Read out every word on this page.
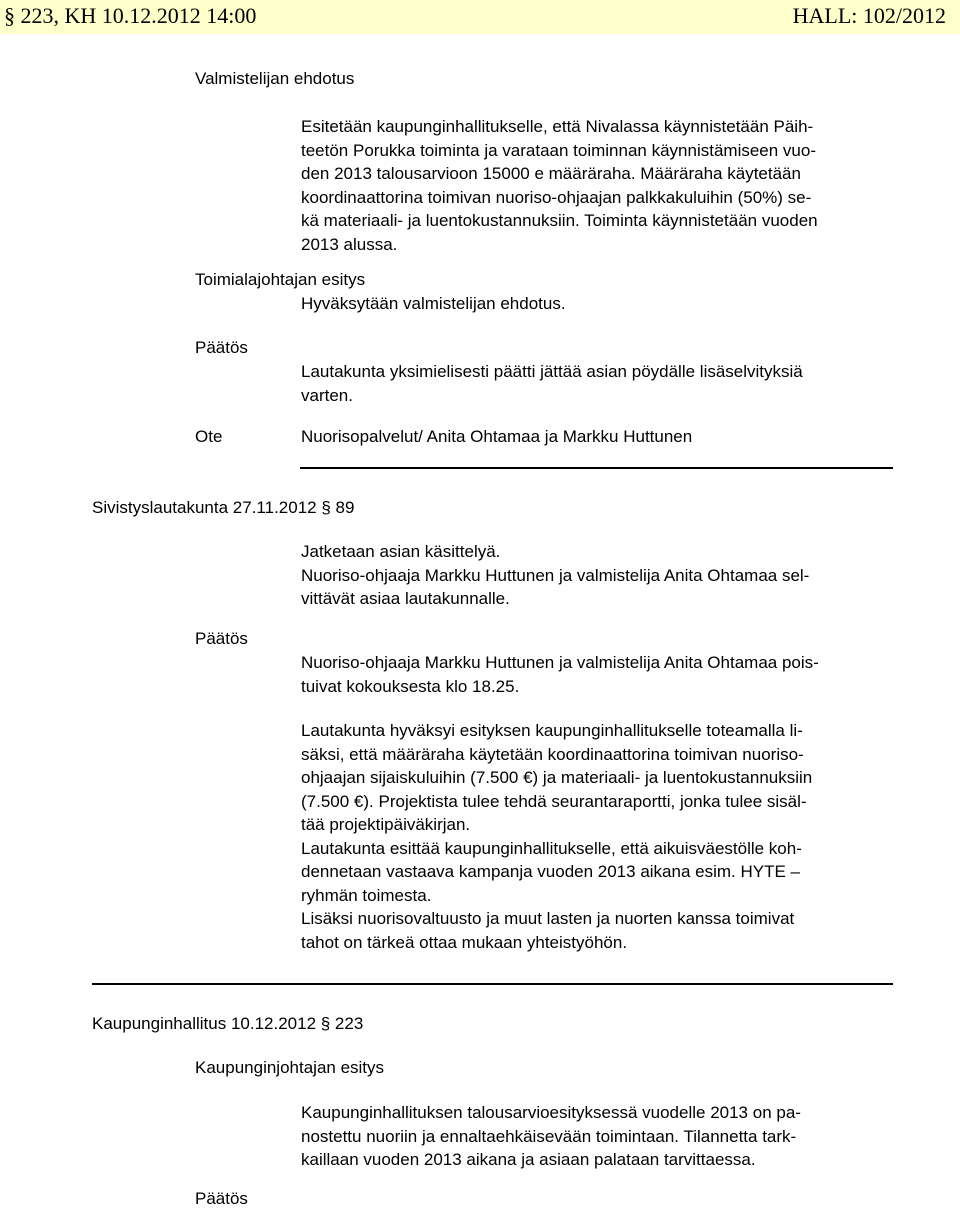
§ 223, KH 10.12.2012 14:00	HALL: 102/2012
Valmistelijan ehdotus
Esitetään kaupunginhallitukselle, että Nivalassa käynnistetään Päih-
teetön Porukka toiminta ja varataan toiminnan käynnistämiseen vuo-
den 2013 talousarvioon 15000 e määräraha. Määräraha käytetään
koordinaattorina toimivan nuoriso-ohjaajan palkkakuluihin (50%) se-
kä materiaali- ja luentokustannuksiin. Toiminta käynnistetään vuoden
2013 alussa.
Toimialajohtajan esitys
Hyväksytään valmistelijan ehdotus.
Päätös
Lautakunta yksimielisesti päätti jättää asian pöydälle lisäselvityksiä
varten.
Ote	Nuorisopalvelut/ Anita Ohtamaa ja Markku Huttunen
Sivistyslautakunta 27.11.2012 § 89
Jatketaan asian käsittelyä.
Nuoriso-ohjaaja Markku Huttunen ja valmistelija Anita Ohtamaa sel-
vittävät asiaa lautakunnalle.
Päätös
Nuoriso-ohjaaja Markku Huttunen ja valmistelija Anita Ohtamaa pois-
tuivat kokouksesta klo 18.25.
Lautakunta hyväksyi esityksen kaupunginhallitukselle toteamalla li-
säksi, että määräraha käytetään koordinaattorina toimivan nuoriso-
ohjaajan sijaiskuluihin (7.500 €) ja materiaali- ja luentokustannuksiin
(7.500 €). Projektista tulee tehdä seurantaraportti, jonka tulee sisäl-
tää projektipäiväkirjan.
Lautakunta esittää kaupunginhallitukselle, että aikuisväestölle koh-
dennetaan vastaava kampanja vuoden 2013 aikana esim. HYTE –
ryhmän toimesta.
Lisäksi nuorisovaltuusto ja muut lasten ja nuorten kanssa toimivat
tahot on tärkeä ottaa mukaan yhteistyöhön.
Kaupunginhallitus 10.12.2012 § 223
Kaupunginjohtajan esitys
Kaupunginhallituksen talousarvioesityksessä vuodelle 2013 on pa-
nostettu nuoriin ja ennaltaehkäisevään toimintaan. Tilannetta tark-
kaillaan vuoden 2013 aikana ja asiaan palataan tarvittaessa.
Päätös
